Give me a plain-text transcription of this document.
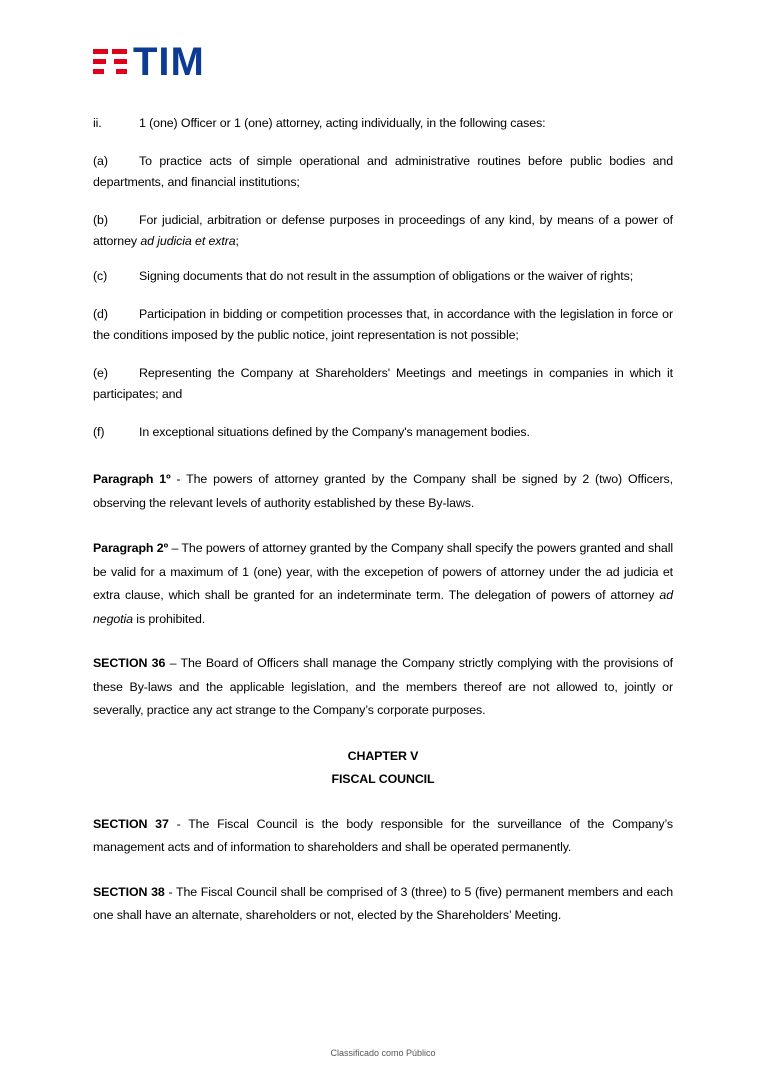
TIM

ii.	1 (one) Officer or 1 (one) attorney, acting individually, in the following cases:

(a)	To practice acts of simple operational and administrative routines before public bodies and departments, and financial institutions;

(b)	For judicial, arbitration or defense purposes in proceedings of any kind, by means of a power of attorney ad judicia et extra;

(c)	Signing documents that do not result in the assumption of obligations or the waiver of rights;

(d)	Participation in bidding or competition processes that, in accordance with the legislation in force or the conditions imposed by the public notice, joint representation is not possible;

(e)	Representing the Company at Shareholders' Meetings and meetings in companies in which it participates; and

(f)	In exceptional situations defined by the Company's management bodies.

Paragraph 1º - The powers of attorney granted by the Company shall be signed by 2 (two) Officers, observing the relevant levels of authority established by these By-laws.

Paragraph 2º – The powers of attorney granted by the Company shall specify the powers granted and shall be valid for a maximum of 1 (one) year, with the excepetion of powers of attorney under the ad judicia et extra clause, which shall be granted for an indeterminate term. The delegation of powers of attorney ad negotia is prohibited.

SECTION 36 – The Board of Officers shall manage the Company strictly complying with the provisions of these By-laws and the applicable legislation, and the members thereof are not allowed to, jointly or severally, practice any act strange to the Company’s corporate purposes.

CHAPTER V

FISCAL COUNCIL

SECTION 37 - The Fiscal Council is the body responsible for the surveillance of the Company’s management acts and of information to shareholders and shall be operated permanently.

SECTION 38 - The Fiscal Council shall be comprised of 3 (three) to 5 (five) permanent members and each one shall have an alternate, shareholders or not, elected by the Shareholders’ Meeting.

Classificado como Público
